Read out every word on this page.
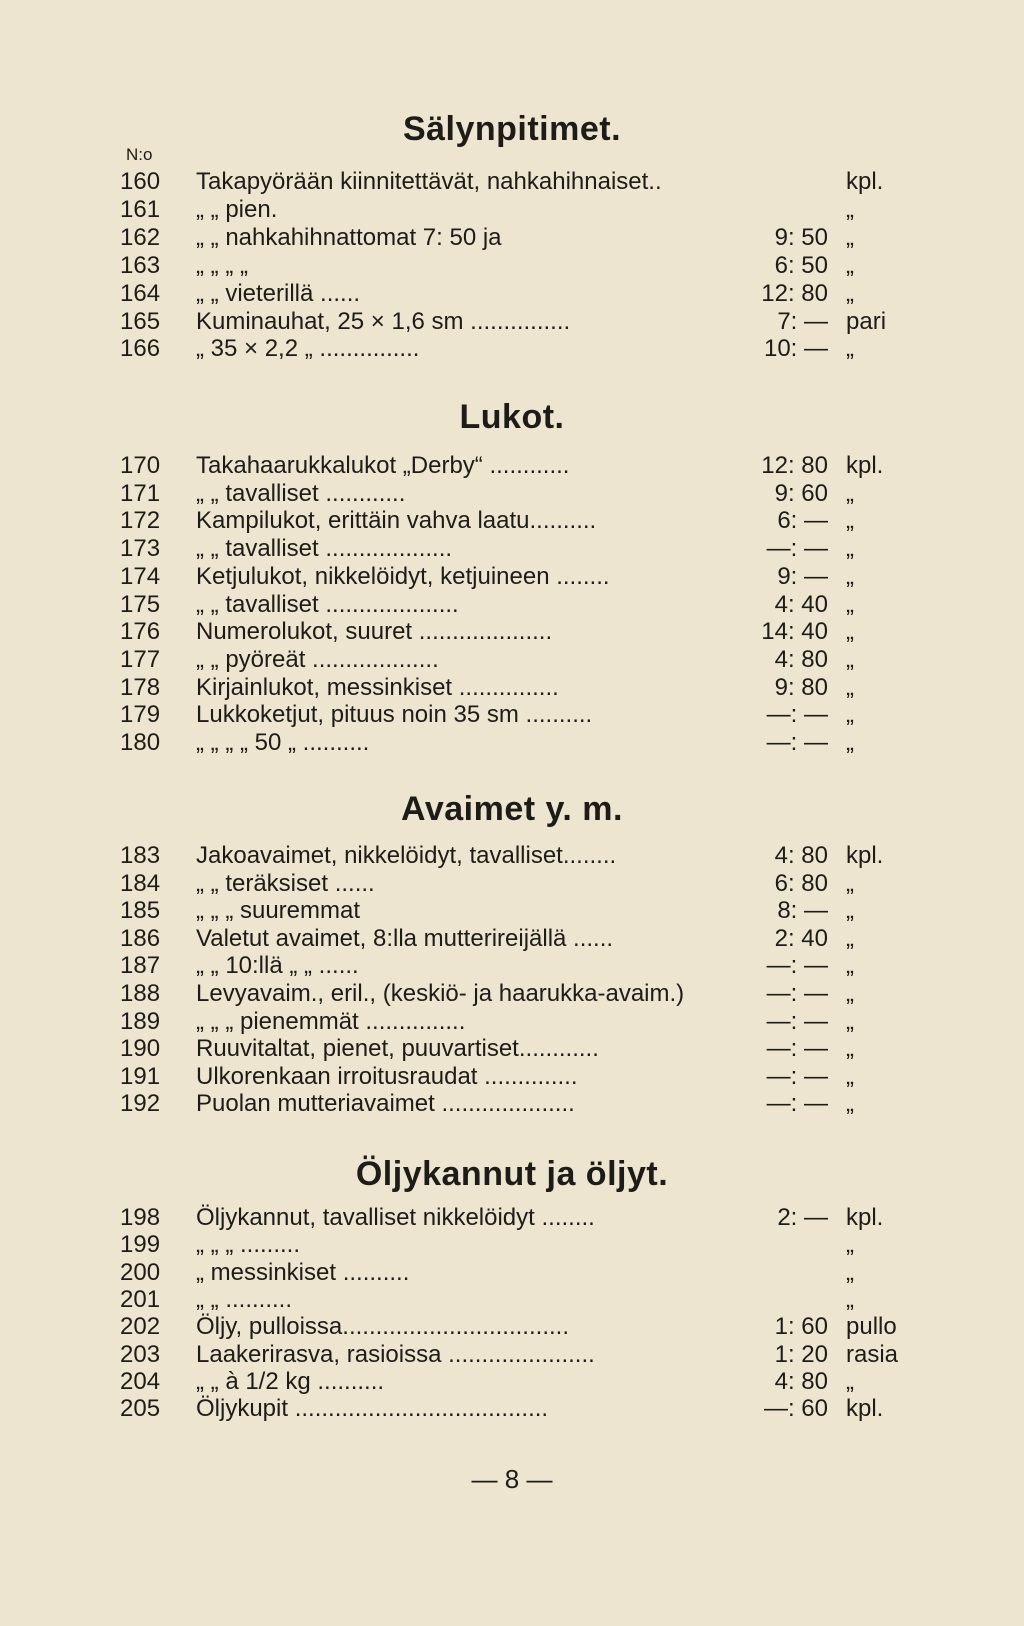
N:o
Sälynpitimet.
160	Takapyörään kiinnitettävät, nahkahihnaiset..	kpl.
161	„ „ pien.	„
162	„ „ nahkahihnattomat 7: 50 ja	9: 50 „
163	„ „ „ „	6: 50 „
164	„ „ vieterillä ......	12: 80 „
165	Kuminauhat, 25 × 1,6 sm ...............	7: — pari
166	„ 35 × 2,2 „ ...............	10: — „
Lukot.
170	Takahaarukkalukot „Derby“ ............	12: 80 kpl.
171	„ „ tavalliset ............	9: 60 „
172	Kampilukot, erittäin vahva laatu..........	6: — „
173	„ „ tavalliset ...................	—: — „
174	Ketjulukot, nikkelöidyt, ketjuineen ........	9: — „
175	„ „ tavalliset ....................	4: 40 „
176	Numerolukot, suuret ....................	14: 40 „
177	„ „ pyöreät ...................	4: 80 „
178	Kirjainlukot, messinkiset ...............	9: 80 „
179	Lukkoketjut, pituus noin 35 sm ..........	—: — „
180	„ „ „ „ 50 „ ..........	—: — „
Avaimet y. m.
183	Jakoavaimet, nikkelöidyt, tavalliset........	4: 80 kpl.
184	„ „ teräksiset ......	6: 80 „
185	„ „ „ suuremmat	8: — „
186	Valetut avaimet, 8:lla mutterireijällä ......	2: 40 „
187	„ „ 10:llä „ „ ......	—: — „
188	Levyavaim., eril., (keskiö- ja haarukka-avaim.)	—: — „
189	„ „ „ pienemmät ...............	—: — „
190	Ruuvitaltat, pienet, puuvartiset............	—: — „
191	Ulkorenkaan irroitusraudat ..............	—: — „
192	Puolan mutteriavaimet ....................	—: — „
Öljykannut ja öljyt.
198	Öljykannut, tavalliset nikkelöidyt ........	2: — kpl.
199	„ „ „ .........	„
200	„ messinkiset ..........	„
201	„ „ ..........	„
202	Öljy, pulloissa..................................	1: 60 pullo
203	Laakerirasva, rasioissa ......................	1: 20 rasia
204	„ „ à 1/2 kg ..........	4: 80 „
205	Öljykupit ......................................	—: 60 kpl.
— 8 —
